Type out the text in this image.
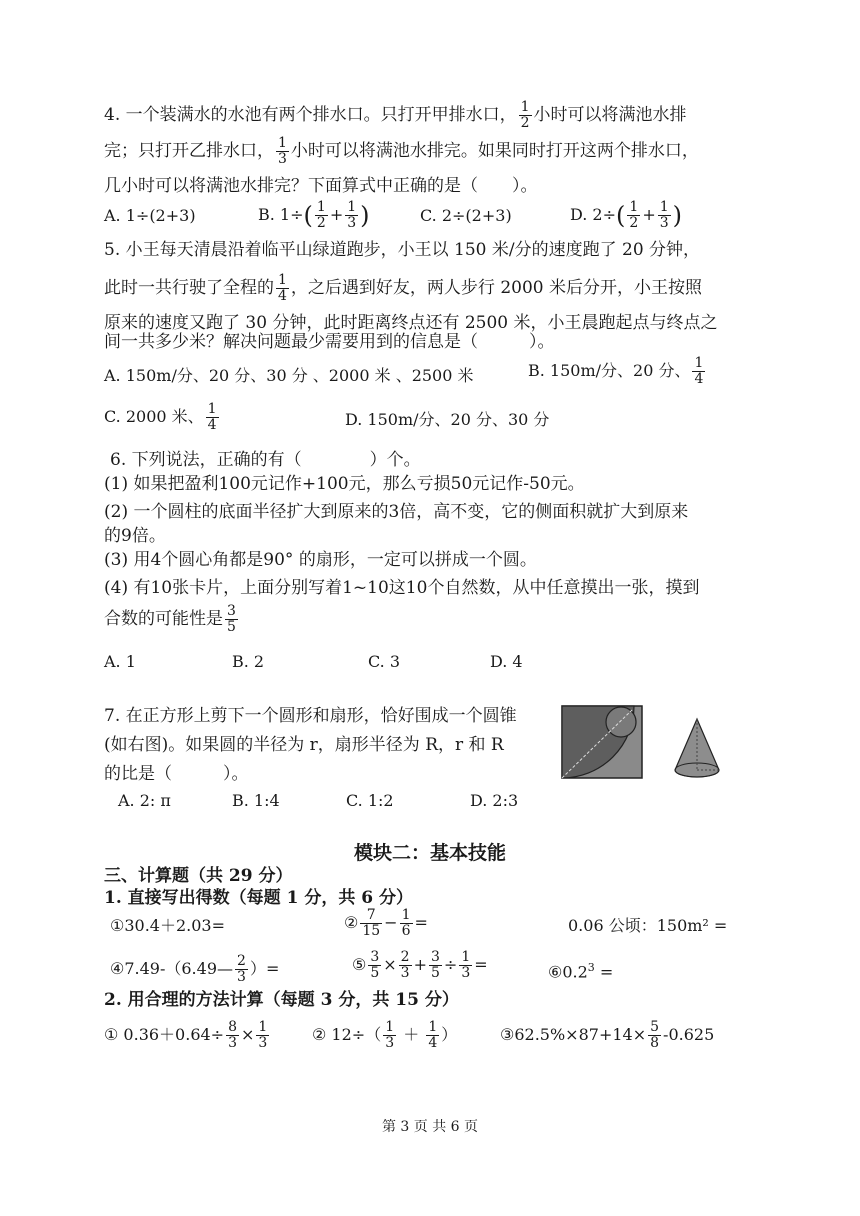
4. 一个装满水的水池有两个排水口。只打开甲排水口， $\frac{1}{2}$ 小时可以将满池水排
完；只打开乙排水口， $\frac{1}{3}$ 小时可以将满池水排完。如果同时打开这两个排水口，
几小时可以将满池水排完？下面算式中正确的是（　　）。
A. 1÷(2+3)	B. $1\div( \frac{1}{2} + \frac{1}{3}$ )	C. 2÷(2+3)	D. $2\div( \frac{1}{2} + \frac{1}{3}$ )
5. 小王每天清晨沿着临平山绿道跑步，小王以 150 米/分的速度跑了 20 分钟，
此时一共行驶了全程的 $\frac{1}{4}$ ，之后遇到好友，两人步行 2000 米后分开，小王按照
原来的速度又跑了 30 分钟，此时距离终点还有 2500 米，小王晨跑起点与终点之
间一共多少米？解决问题最少需要用到的信息是（　　　）。
A. 150m/分、20 分、30 分 、2000 米 、2500 米	B. 150m/分、20 分、 $\frac{1}{4}$
C. 2000 米、 $\frac{1}{4}$	D. 150m/分、20 分、30 分
6. 下列说法，正确的有（　　　　）个。
(1) 如果把盈利100元记作+100元，那么亏损50元记作-50元。
(2) 一个圆柱的底面半径扩大到原来的3倍，高不变，它的侧面积就扩大到原来
的9倍。
(3) 用4个圆心角都是90° 的扇形，一定可以拼成一个圆。
(4) 有10张卡片，上面分别写着1~10这10个自然数，从中任意摸出一张，摸到
合数的可能性是 $\frac{3}{5}$
A. 1	B. 2	C. 3	D. 4
7. 在正方形上剪下一个圆形和扇形，恰好围成一个圆锥
(如右图)。如果圆的半径为 r，扇形半径为 R，r 和 R
的比是（　　　）。
A. 2: π	B. 1:4	C. 1:2	D. 2:3
模块二：基本技能
三、计算题（共 29 分）
1. 直接写出得数（每题 1 分，共 6 分）
①30.4＋2.03=	② $\frac{7}{15} - \frac{1}{6}$ =	0.06 公顷：150m² =
④7.49-（6.49— $\frac{2}{3}$ ）=	⑤ $\frac{3}{5} \times \frac{2}{3} + \frac{3}{5} \div \frac{1}{3}$ =	$⑥0.2^3$ =
2. 用合理的方法计算（每题 3 分，共 15 分）
① $0.36+0.64\div \frac{8}{3} \times \frac{1}{3}$	② $12\div( \frac{1}{3} + \frac{1}{4}$ ）	③62.5%×87+14× $\frac{5}{8} -0.625$
第 3 页 共 6 页
